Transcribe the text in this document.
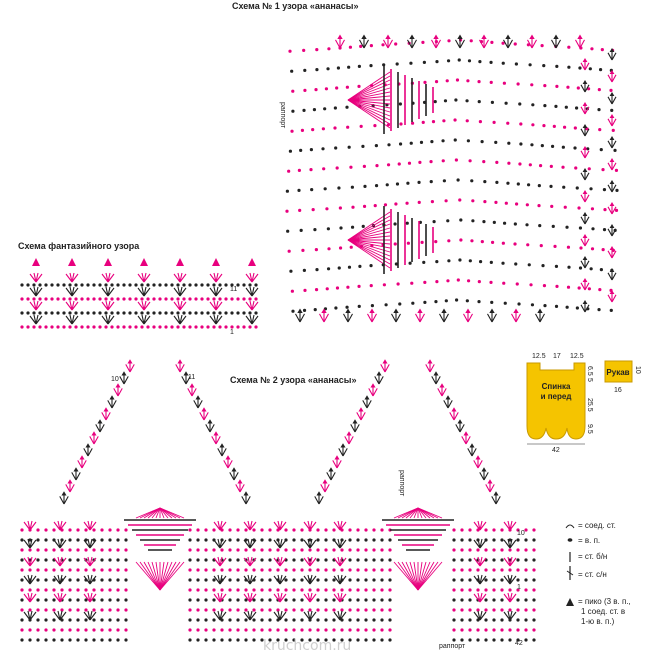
Схема № 1 узора «ананасы»
Схема фантазийного узора
Схема № 2 узора «ананасы»
раппорт
11
1
11
10
10
1
42
раппорт
раппорт
Спинка
и перед
12.5 17 12.5
6.5
5
25.5
9.5
42
Рукав 10
16
= соед. ст.
= в. п.
= ст. б/н
= ст. с/н
= пико (3 в. п.,
1 соед. ст. в
1-ю в. п.)
kruchcom.ru
